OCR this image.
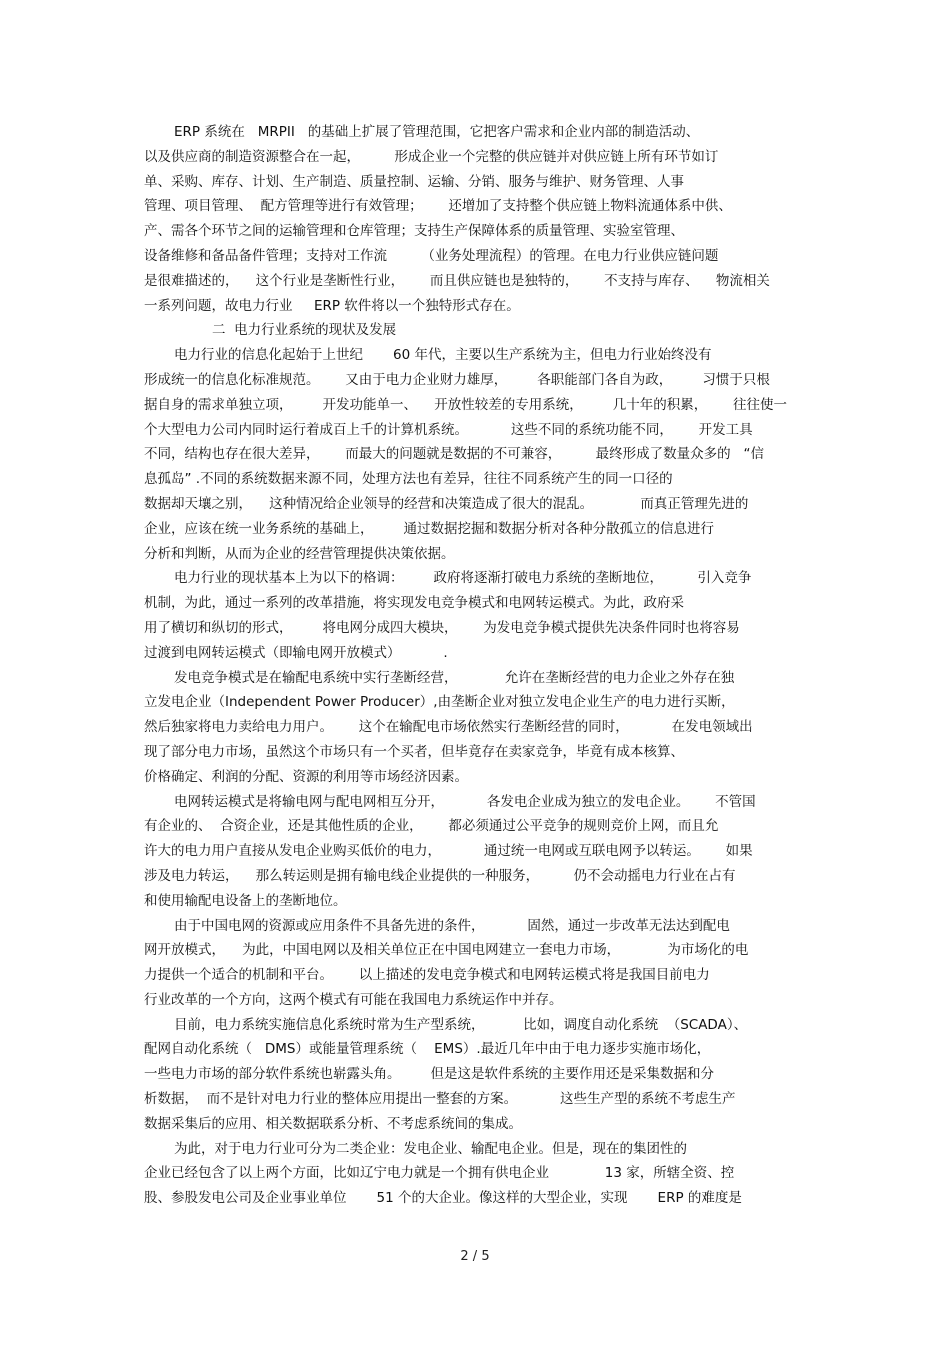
ERP 系统在   MRPII   的基础上扩展了管理范围，它把客户需求和企业内部的制造活动、
以及供应商的制造资源整合在一起，        形成企业一个完整的供应链并对供应链上所有环节如订
单、采购、库存、计划、生产制造、质量控制、运输、分销、服务与维护、财务管理、人事
管理、项目管理、  配方管理等进行有效管理；      还增加了支持整个供应链上物料流通体系中供、
产、需各个环节之间的运输管理和仓库管理；支持生产保障体系的质量管理、实验室管理、
设备维修和备品备件管理；支持对工作流        （业务处理流程）的管理。在电力行业供应链问题
是很难描述的，    这个行业是垄断性行业，      而且供应链也是独特的，      不支持与库存、    物流相关
一系列问题，故电力行业     ERP 软件将以一个独特形式存在。
二  电力行业系统的现状及发展
电力行业的信息化起始于上世纪       60 年代，主要以生产系统为主，但电力行业始终没有
形成统一的信息化标准规范。      又由于电力企业财力雄厚，       各职能部门各自为政，       习惯于只根
据自身的需求单独立项，       开发功能单一、    开放性较差的专用系统，       几十年的积累，      往往使一
个大型电力公司内同时运行着成百上千的计算机系统。          这些不同的系统功能不同，      开发工具
不同，结构也存在很大差异，      而最大的问题就是数据的不可兼容，        最终形成了数量众多的   “信
息孤岛” .不同的系统数据来源不同，处理方法也有差异，往往不同系统产生的同一口径的
数据却天壤之别，    这种情况给企业领导的经营和决策造成了很大的混乱。           而真正管理先进的
企业，应该在统一业务系统的基础上，       通过数据挖掘和数据分析对各种分散孤立的信息进行
分析和判断，从而为企业的经营管理提供决策依据。
电力行业的现状基本上为以下的格调：       政府将逐渐打破电力系统的垄断地位，        引入竞争
机制，为此，通过一系列的改革措施，将实现发电竞争模式和电网转运模式。为此，政府采
用了横切和纵切的形式，       将电网分成四大模块，      为发电竞争模式提供先决条件同时也将容易
过渡到电网转运模式（即输电网开放模式）          .
发电竞争模式是在输配电系统中实行垄断经营，           允许在垄断经营的电力企业之外存在独
立发电企业（Independent Power Producer）,由垄断企业对独立发电企业生产的电力进行买断，
然后独家将电力卖给电力用户。      这个在输配电市场依然实行垄断经营的同时，          在发电领域出
现了部分电力市场，虽然这个市场只有一个买者，但毕竟存在卖家竞争，毕竟有成本核算、
价格确定、利润的分配、资源的利用等市场经济因素。
电网转运模式是将输电网与配电网相互分开，          各发电企业成为独立的发电企业。      不管国
有企业的、  合资企业，还是其他性质的企业，      都必须通过公平竞争的规则竞价上网，而且允
许大的电力用户直接从发电企业购买低价的电力，          通过统一电网或互联电网予以转运。      如果
涉及电力转运，    那么转运则是拥有输电线企业提供的一种服务，        仍不会动摇电力行业在占有
和使用输配电设备上的垄断地位。
由于中国电网的资源或应用条件不具备先进的条件，          固然，通过一步改革无法达到配电
网开放模式，    为此，中国电网以及相关单位正在中国电网建立一套电力市场，           为市场化的电
力提供一个适合的机制和平台。      以上描述的发电竞争模式和电网转运模式将是我国目前电力
行业改革的一个方向，这两个模式有可能在我国电力系统运作中并存。
目前，电力系统实施信息化系统时常为生产型系统，         比如，调度自动化系统  （SCADA）、
配网自动化系统（   DMS）或能量管理系统（    EMS）.最近几年中由于电力逐步实施市场化，
一些电力市场的部分软件系统也崭露头角。       但是这是软件系统的主要作用还是采集数据和分
析数据，  而不是针对电力行业的整体应用提出一整套的方案。          这些生产型的系统不考虑生产
数据采集后的应用、相关数据联系分析、不考虑系统间的集成。
为此，对于电力行业可分为二类企业：发电企业、输配电企业。但是，现在的集团性的
企业已经包含了以上两个方面，比如辽宁电力就是一个拥有供电企业             13 家，所辖全资、控
股、参股发电公司及企业事业单位       51 个的大企业。像这样的大型企业，实现       ERP 的难度是
2 / 5
